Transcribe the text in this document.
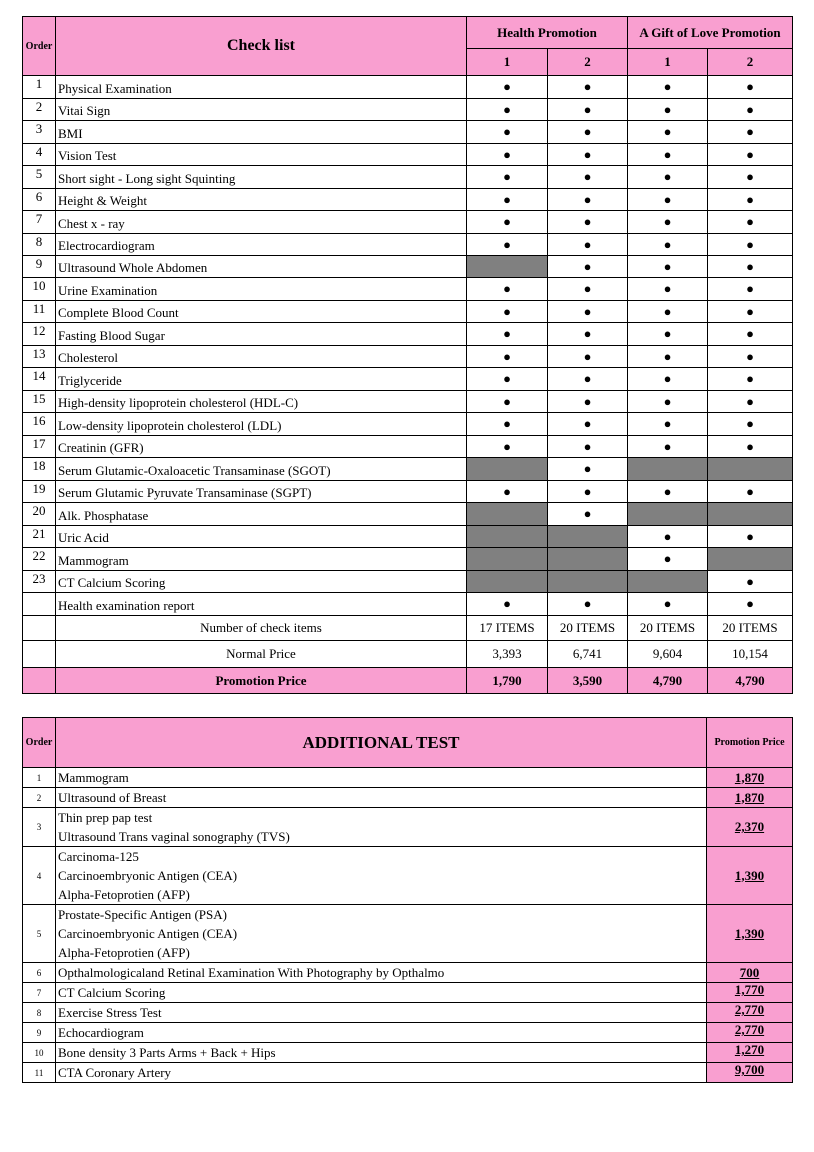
Order	Check list	Health Promotion		A Gift of Love Promotion	
		1	2	1	2
1	Physical Examination	●	●	●	●
2	Vitai Sign	●	●	●	●
3	BMI	●	●	●	●
4	Vision Test	●	●	●	●
5	Short sight - Long sight Squinting	●	●	●	●
6	Height & Weight	●	●	●	●
7	Chest x - ray	●	●	●	●
8	Electrocardiogram	●	●	●	●
9	Ultrasound Whole Abdomen		●	●	●
10	Urine Examination	●	●	●	●
11	Complete Blood Count	●	●	●	●
12	Fasting Blood Sugar	●	●	●	●
13	Cholesterol	●	●	●	●
14	Triglyceride	●	●	●	●
15	High-density lipoprotein cholesterol (HDL-C)	●	●	●	●
16	Low-density lipoprotein cholesterol (LDL)	●	●	●	●
17	Creatinin (GFR)	●	●	●	●
18	Serum Glutamic-Oxaloacetic Transaminase (SGOT)		●		
19	Serum Glutamic Pyruvate Transaminase (SGPT)	●	●	●	●
20	Alk. Phosphatase		●		
21	Uric Acid			●	●
22	Mammogram			●	
23	CT Calcium Scoring				●
	Health examination report	●	●	●	●
	Number of check items	17 ITEMS	20 ITEMS	20 ITEMS	20 ITEMS
	Normal Price	3,393	6,741	9,604	10,154
	Promotion Price	1,790	3,590	4,790	4,790
Order	ADDITIONAL TEST	Promotion Price
1	Mammogram	1,870
2	Ultrasound of Breast	1,870
3	Thin prep pap test
Ultrasound Trans vaginal sonography (TVS)	2,370
4	Carcinoma-125
Carcinoembryonic Antigen (CEA)
Alpha-Fetoprotien (AFP)	1,390
5	Prostate-Specific Antigen (PSA)
Carcinoembryonic Antigen (CEA)
Alpha-Fetoprotien (AFP)	1,390
6	Opthalmologicaland Retinal Examination With Photography by Opthalmo	700
7	CT Calcium Scoring	1,770
8	Exercise Stress Test	2,770
9	Echocardiogram	2,770
10	Bone density 3 Parts Arms + Back + Hips	1,270
11	CTA Coronary Artery	9,700
